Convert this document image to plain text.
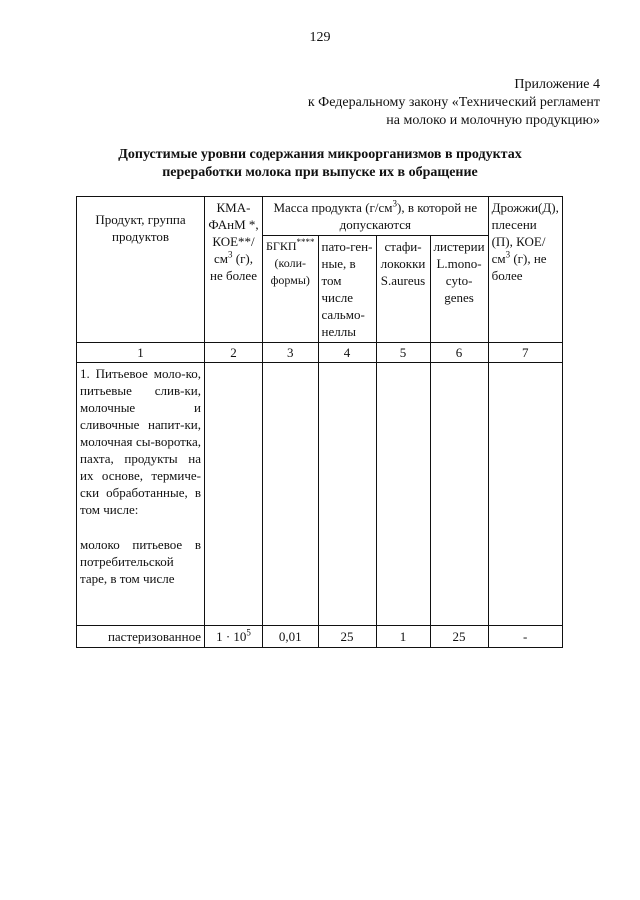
129
Приложение 4
к Федеральному закону «Технический регламент
на молоко и молочную продукцию»
Допустимые уровни содержания микроорганизмов в продуктах
переработки молока при выпуске их в обращение
Продукт, группа продуктов	КМА-ФАнМ *, КОЕ**/ $см^3$ (г), не более	Масса продукта $(г/см^3)$, в которой не допускаются				Дрожжи(Д), плесени (П), КОЕ/$см^3$ (г), не более
		БГКП**** (коли-формы)	пато-ген-ные, в том числе сальмо-неллы	стафи-лококки S.aureus	листерии L.mono-cyto-genes	
1	2	3	4	5	6	7

1. Питьевое моло-ко, питьевые слив-ки, молочные и сливочные напит-ки, молочная сы-воротка, пахта, продукты на их основе, термиче-ски обработанные, в том числе:

молоко питьевое в потребительской таре, в том числе						

пастеризованное	$1 \cdot 10^5$	0,01	25	1	25	-
